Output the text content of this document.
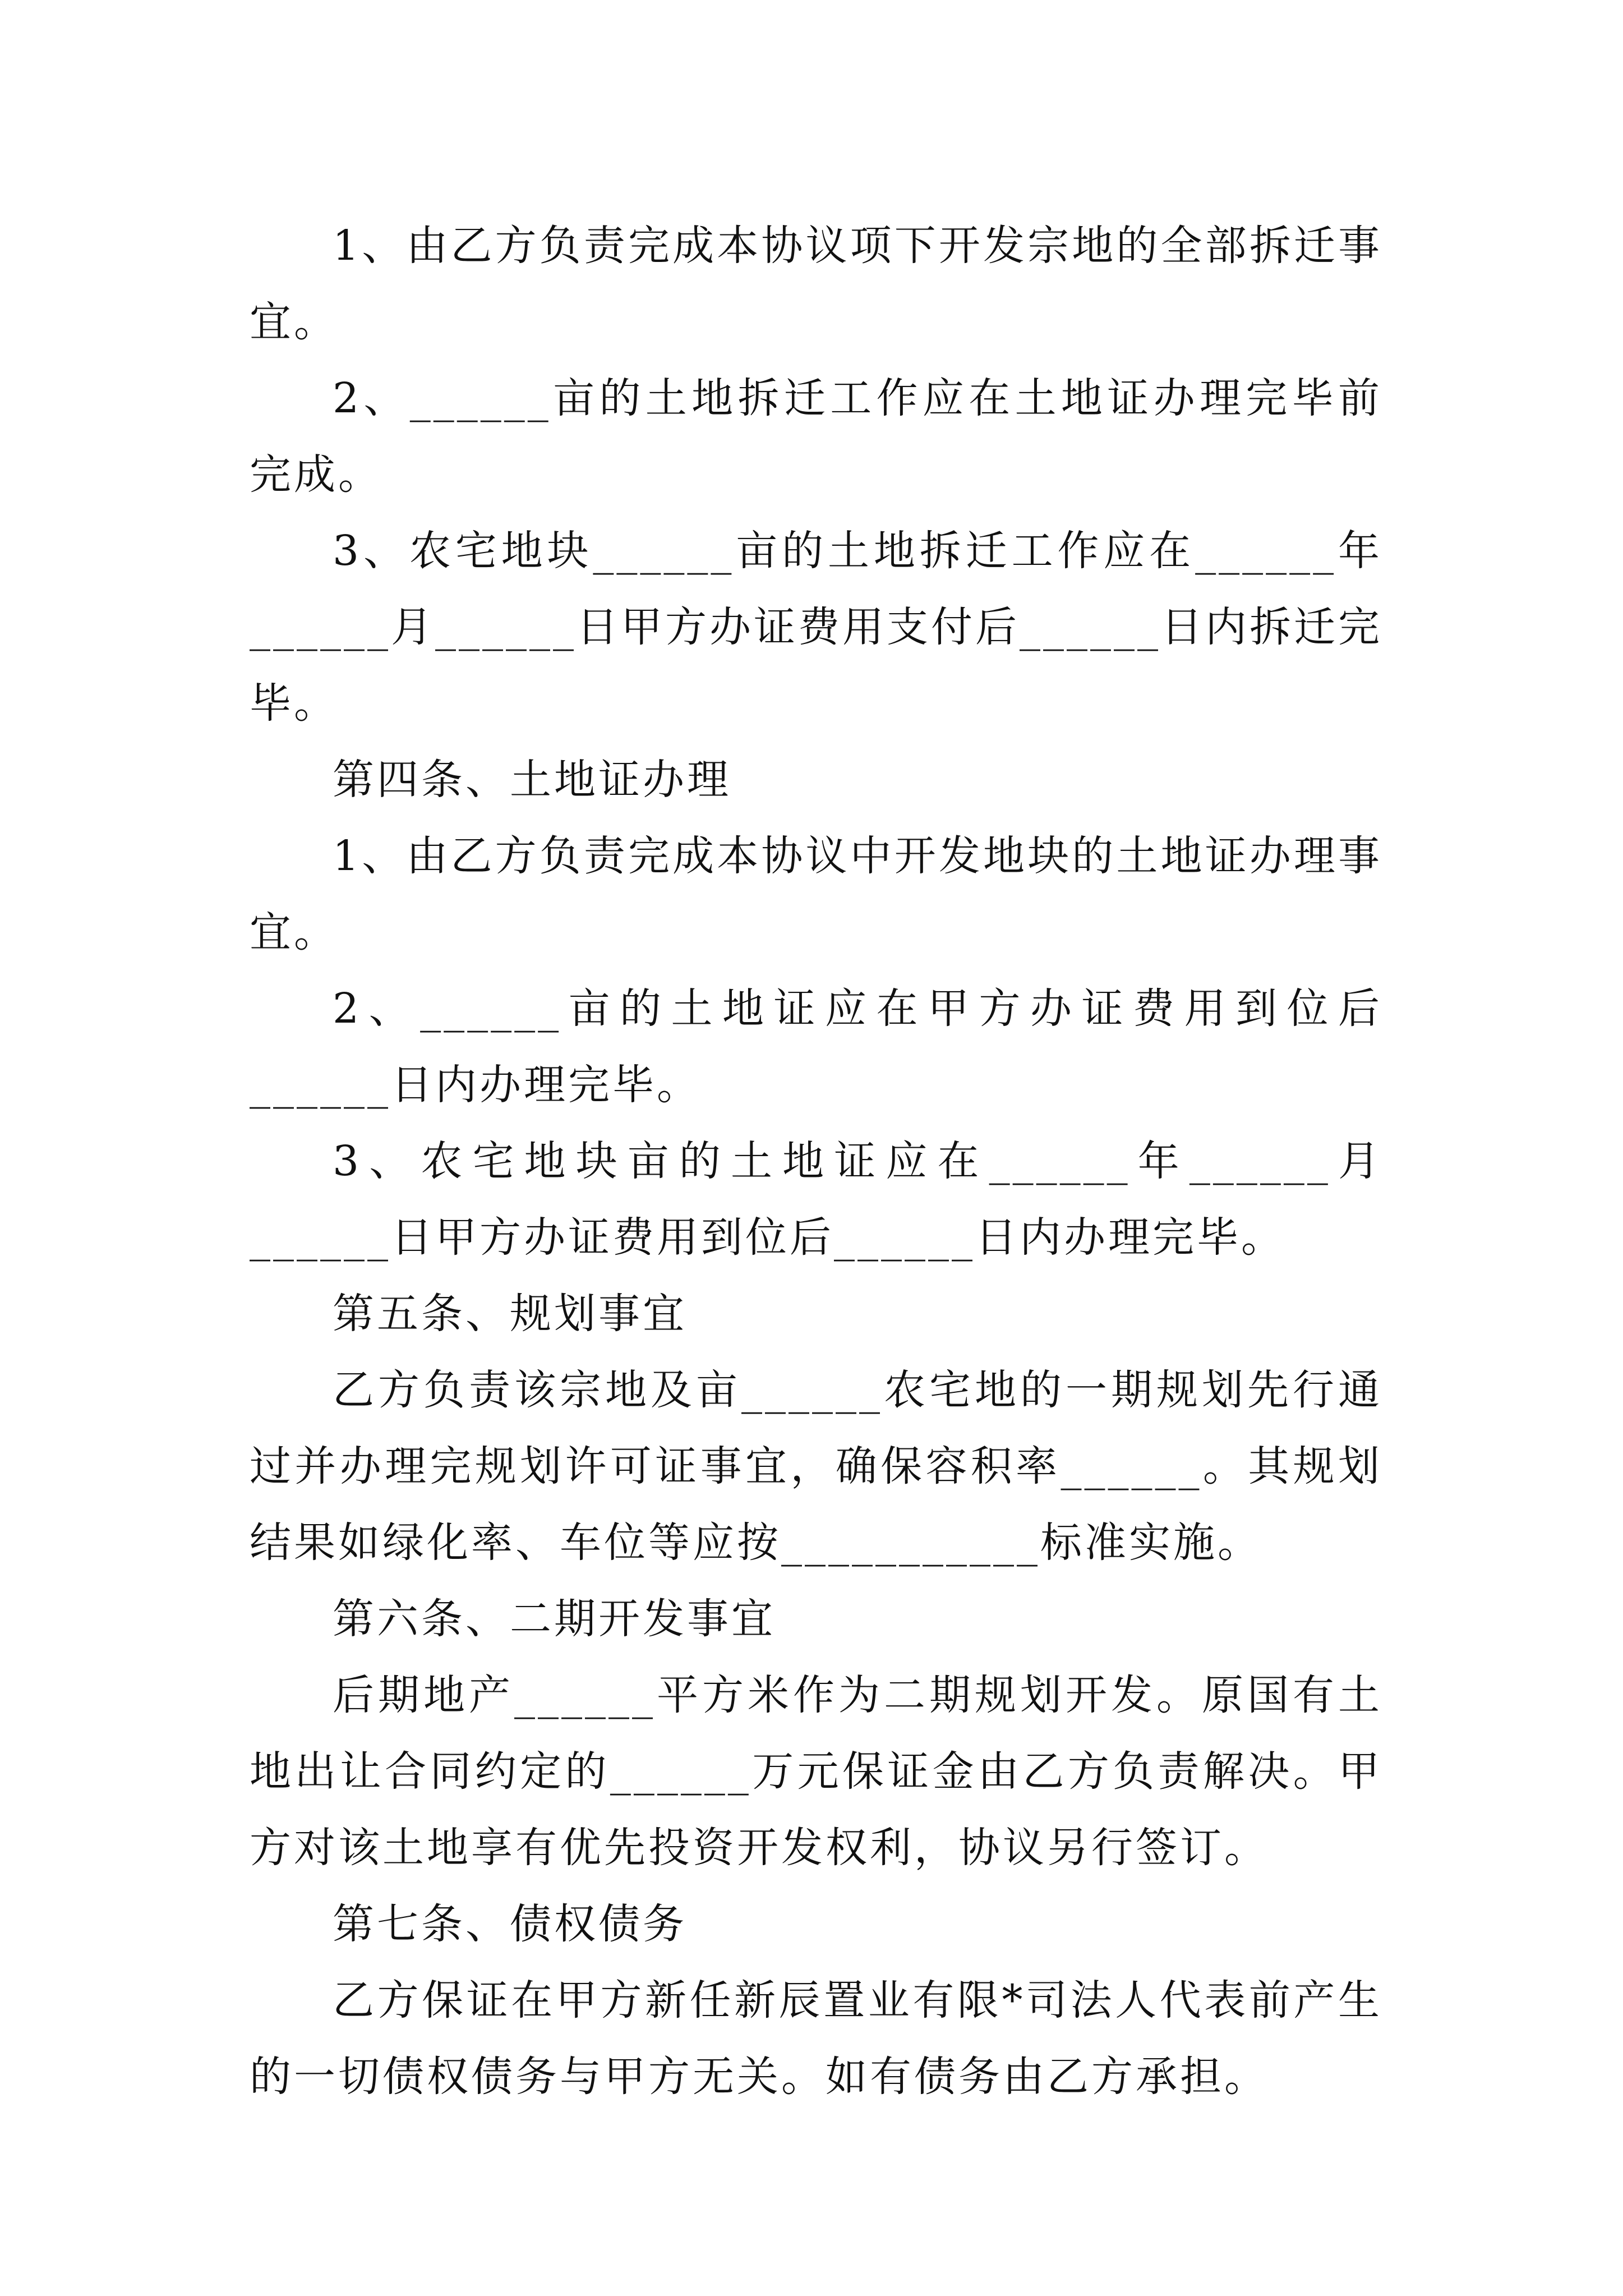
1、由乙方负责完成本协议项下开发宗地的全部拆迁事宜。

2、______亩的土地拆迁工作应在土地证办理完毕前完成。

3、农宅地块______亩的土地拆迁工作应在______年______月______日甲方办证费用支付后______日内拆迁完毕。

第四条、土地证办理

1、由乙方负责完成本协议中开发地块的土地证办理事宜。

2、______亩的土地证应在甲方办证费用到位后______日内办理完毕。

3、农宅地块亩的土地证应在______年______月______日甲方办证费用到位后______日内办理完毕。

第五条、规划事宜

乙方负责该宗地及亩______农宅地的一期规划先行通过并办理完规划许可证事宜，确保容积率______。其规划结果如绿化率、车位等应按___________标准实施。

第六条、二期开发事宜

后期地产______平方米作为二期规划开发。原国有土地出让合同约定的______万元保证金由乙方负责解决。甲方对该土地享有优先投资开发权利，协议另行签订。

第七条、债权债务

乙方保证在甲方新任新辰置业有限*司法人代表前产生的一切债权债务与甲方无关。如有债务由乙方承担。
